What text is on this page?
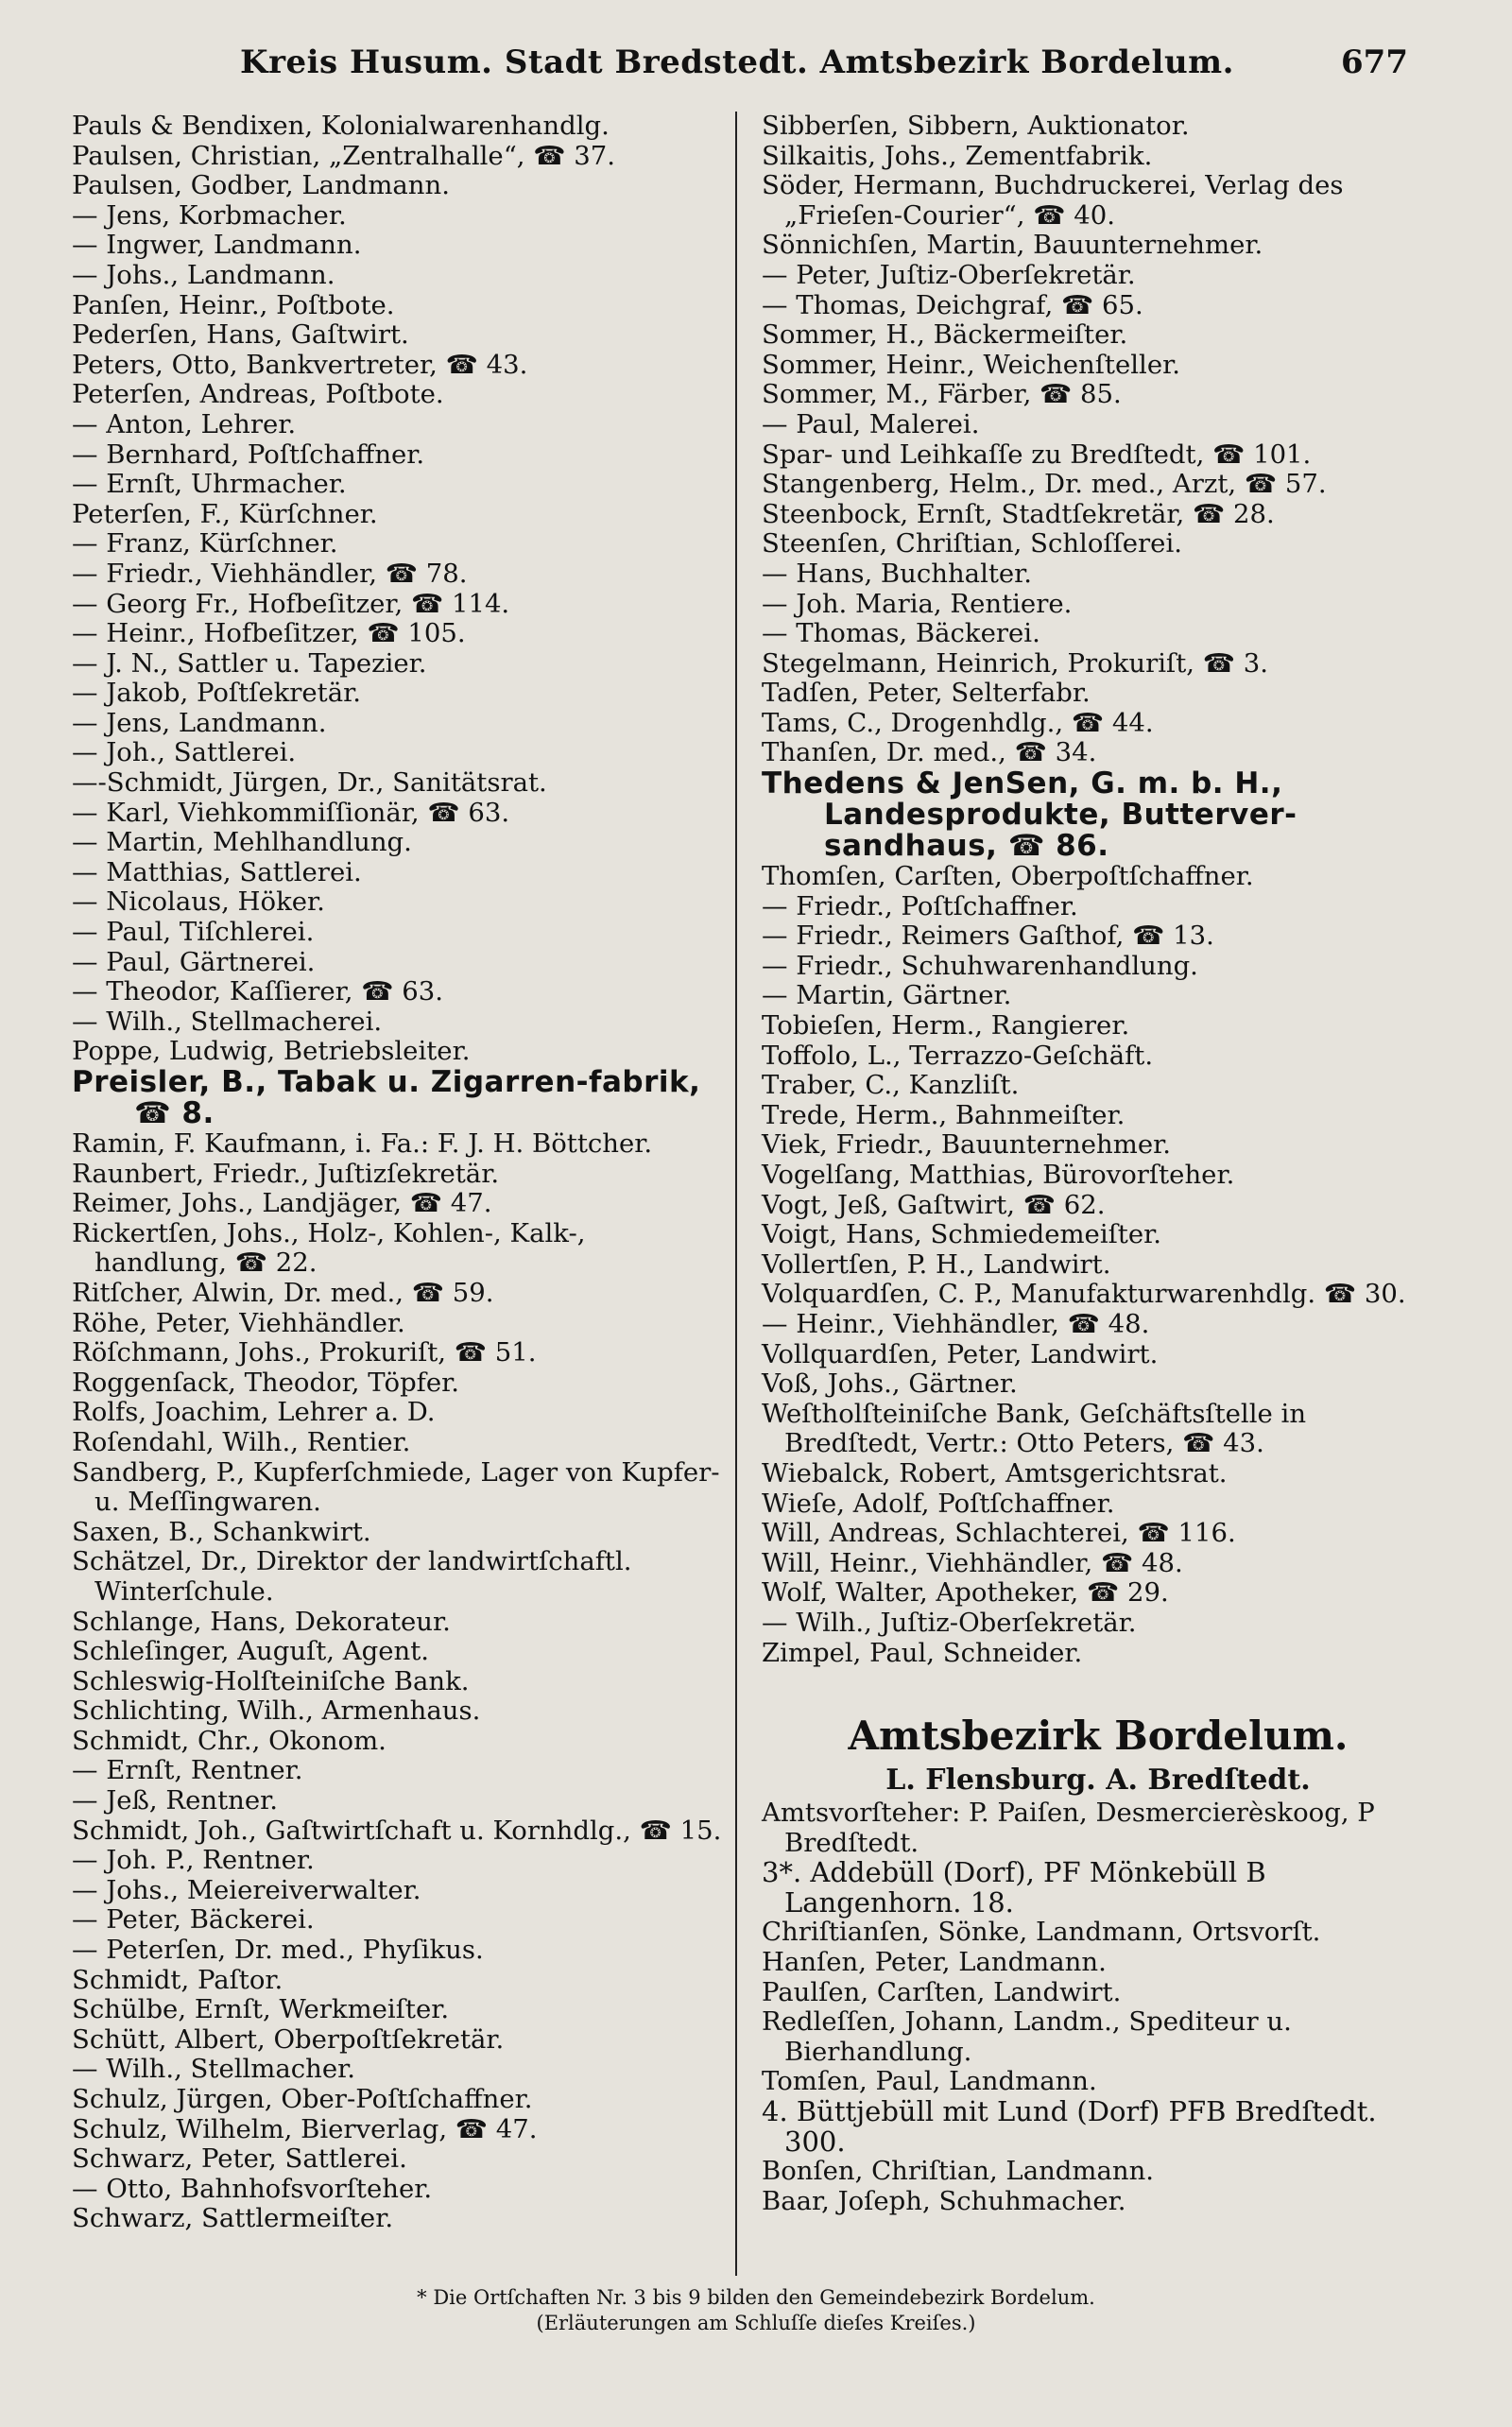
Kreis Husum. Stadt Bredstedt. Amtsbezirk Bordelum.	677

Pauls & Bendixen, Kolonialwarenhandlg.

Paulsen, Christian, „Zentralhalle“, ☎ 37.

Paulsen, Godber, Landmann.

— Jens, Korbmacher.

— Ingwer, Landmann.

— Johs., Landmann.

Panſen, Heinr., Poſtbote.

Pederſen, Hans, Gaſtwirt.

Peters, Otto, Bankvertreter, ☎ 43.

Peterſen, Andreas, Poſtbote.

— Anton, Lehrer.

— Bernhard, Poſtſchaffner.

— Ernſt, Uhrmacher.

Peterſen, F., Kürſchner.

— Franz, Kürſchner.

— Friedr., Viehhändler, ☎ 78.

— Georg Fr., Hofbeſitzer, ☎ 114.

— Heinr., Hofbeſitzer, ☎ 105.

— J. N., Sattler u. Tapezier.

— Jakob, Poſtſekretär.

— Jens, Landmann.

— Joh., Sattlerei.

—-Schmidt, Jürgen, Dr., Sanitätsrat.

— Karl, Viehkommiſſionär, ☎ 63.

— Martin, Mehlhandlung.

— Matthias, Sattlerei.

— Nicolaus, Höker.

— Paul, Tiſchlerei.

— Paul, Gärtnerei.

— Theodor, Kaſſierer, ☎ 63.

— Wilh., Stellmacherei.

Poppe, Ludwig, Betriebsleiter.

Preisler, B., Tabak u. Zigarren-fabrik, ☎ 8.

Ramin, F. Kaufmann, i. Fa.: F. J. H. Böttcher.

Raunbert, Friedr., Juſtizſekretär.

Reimer, Johs., Landjäger, ☎ 47.

Rickertſen, Johs., Holz-, Kohlen-, Kalk-, handlung, ☎ 22.

Ritſcher, Alwin, Dr. med., ☎ 59.

Röhe, Peter, Viehhändler.

Röſchmann, Johs., Prokuriſt, ☎ 51.

Roggenſack, Theodor, Töpfer.

Rolfs, Joachim, Lehrer a. D.

Roſendahl, Wilh., Rentier.

Sandberg, P., Kupferſchmiede, Lager von Kupfer- u. Meſſingwaren.

Saxen, B., Schankwirt.

Schätzel, Dr., Direktor der landwirtſchaftl. Winterſchule.

Schlange, Hans, Dekorateur.

Schleſinger, Auguſt, Agent.

Schleswig-Holſteiniſche Bank.

Schlichting, Wilh., Armenhaus.

Schmidt, Chr., Okonom.

— Ernſt, Rentner.

— Jeß, Rentner.

Schmidt, Joh., Gaſtwirtſchaft u. Kornhdlg., ☎ 15.

— Joh. P., Rentner.

— Johs., Meiereiverwalter.

— Peter, Bäckerei.

— Peterſen, Dr. med., Phyſikus.

Schmidt, Paſtor.

Schülbe, Ernſt, Werkmeiſter.

Schütt, Albert, Oberpoſtſekretär.

— Wilh., Stellmacher.

Schulz, Jürgen, Ober-Poſtſchaffner.

Schulz, Wilhelm, Bierverlag, ☎ 47.

Schwarz, Peter, Sattlerei.

— Otto, Bahnhofsvorſteher.

Schwarz, Sattlermeiſter.

Sibberſen, Sibbern, Auktionator.

Silkaitis, Johs., Zementfabrik.

Söder, Hermann, Buchdruckerei, Verlag des „Frieſen-Courier“, ☎ 40.

Sönnichſen, Martin, Bauunternehmer.

— Peter, Juſtiz-Oberſekretär.

— Thomas, Deichgraf, ☎ 65.

Sommer, H., Bäckermeiſter.

Sommer, Heinr., Weichenſteller.

Sommer, M., Färber, ☎ 85.

— Paul, Malerei.

Spar- und Leihkaſſe zu Bredſtedt, ☎ 101.

Stangenberg, Helm., Dr. med., Arzt, ☎ 57.

Steenbock, Ernſt, Stadtſekretär, ☎ 28.

Steenſen, Chriſtian, Schloſſerei.

— Hans, Buchhalter.

— Joh. Maria, Rentiere.

— Thomas, Bäckerei.

Stegelmann, Heinrich, Prokuriſt, ☎ 3.

Tadſen, Peter, Selterfabr.

Tams, C., Drogenhdlg., ☎ 44.

Thanſen, Dr. med., ☎ 34.

Thedens & JenSen, G. m. b. H., Landesprodukte, Butterver-sandhaus, ☎ 86.

Thomſen, Carſten, Oberpoſtſchaffner.

— Friedr., Poſtſchaffner.

— Friedr., Reimers Gaſthof, ☎ 13.

— Friedr., Schuhwarenhandlung.

— Martin, Gärtner.

Tobieſen, Herm., Rangierer.

Toffolo, L., Terrazzo-Geſchäft.

Traber, C., Kanzliſt.

Trede, Herm., Bahnmeiſter.

Viek, Friedr., Bauunternehmer.

Vogelſang, Matthias, Bürovorſteher.

Vogt, Jeß, Gaſtwirt, ☎ 62.

Voigt, Hans, Schmiedemeiſter.

Vollertſen, P. H., Landwirt.

Volquardſen, C. P., Manufakturwarenhdlg. ☎ 30.

— Heinr., Viehhändler, ☎ 48.

Vollquardſen, Peter, Landwirt.

Voß, Johs., Gärtner.

Weſtholſteiniſche Bank, Geſchäftsſtelle in Bredſtedt, Vertr.: Otto Peters, ☎ 43.

Wiebalck, Robert, Amtsgerichtsrat.

Wieſe, Adolf, Poſtſchaffner.

Will, Andreas, Schlachterei, ☎ 116.

Will, Heinr., Viehhändler, ☎ 48.

Wolf, Walter, Apotheker, ☎ 29.

— Wilh., Juſtiz-Oberſekretär.

Zimpel, Paul, Schneider.

Amtsbezirk Bordelum.

L. Flensburg. A. Bredſtedt.

Amtsvorſteher: P. Paiſen, Desmercierèskoog, P Bredſtedt.

3*. Addebüll (Dorf), PF Mönkebüll B Langenhorn. 18.

Chriſtianſen, Sönke, Landmann, Ortsvorſt.

Hanſen, Peter, Landmann.

Paulſen, Carſten, Landwirt.

Redleſſen, Johann, Landm., Spediteur u. Bierhandlung.

Tomſen, Paul, Landmann.

4. Büttjebüll mit Lund (Dorf) PFB Bredſtedt. 300.

Bonſen, Chriſtian, Landmann.

Baar, Joſeph, Schuhmacher.

* Die Ortſchaften Nr. 3 bis 9 bilden den Gemeindebezirk Bordelum.
(Erläuterungen am Schluſſe dieſes Kreiſes.)
